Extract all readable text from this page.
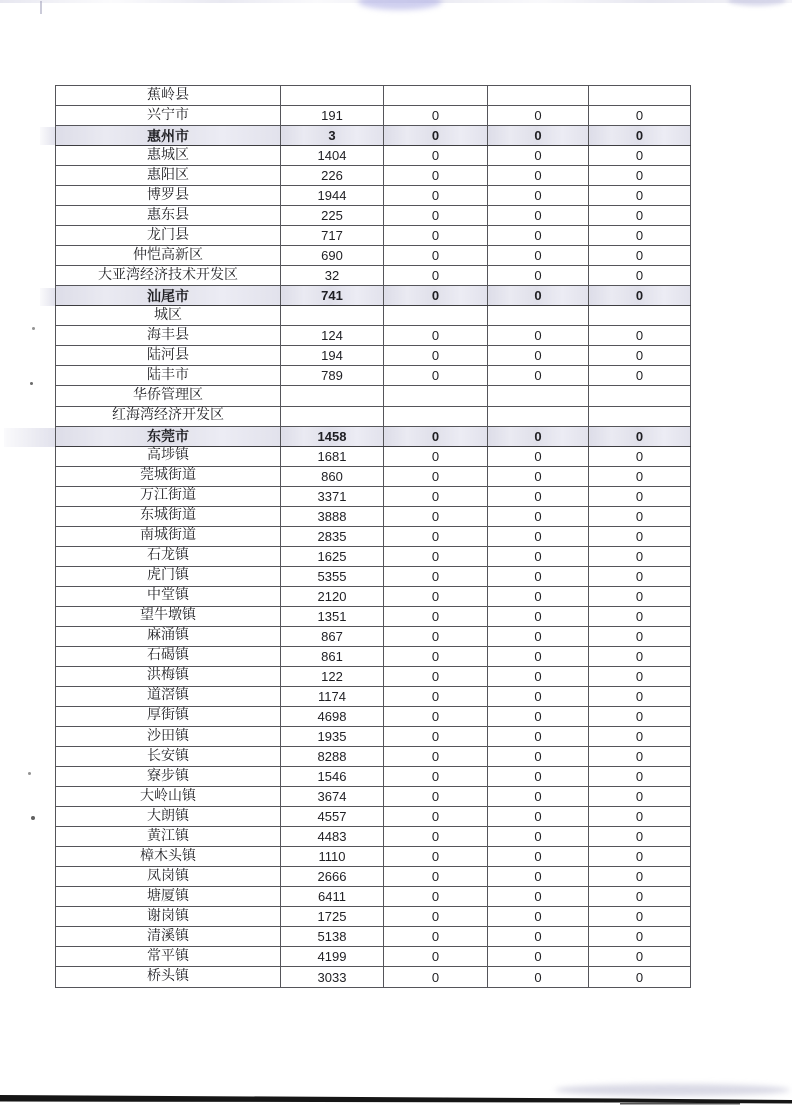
蕉岭县				
兴宁市	191	0	0	0
惠州市	3	0	0	0
惠城区	1404	0	0	0
惠阳区	226	0	0	0
博罗县	1944	0	0	0
惠东县	225	0	0	0
龙门县	717	0	0	0
仲恺高新区	690	0	0	0
大亚湾经济技术开发区	32	0	0	0
汕尾市	741	0	0	0
城区				
海丰县	124	0	0	0
陆河县	194	0	0	0
陆丰市	789	0	0	0
华侨管理区				
红海湾经济开发区				
东莞市	1458	0	0	0
高埗镇	1681	0	0	0
莞城街道	860	0	0	0
万江街道	3371	0	0	0
东城街道	3888	0	0	0
南城街道	2835	0	0	0
石龙镇	1625	0	0	0
虎门镇	5355	0	0	0
中堂镇	2120	0	0	0
望牛墩镇	1351	0	0	0
麻涌镇	867	0	0	0
石碣镇	861	0	0	0
洪梅镇	122	0	0	0
道滘镇	1174	0	0	0
厚街镇	4698	0	0	0
沙田镇	1935	0	0	0
长安镇	8288	0	0	0
寮步镇	1546	0	0	0
大岭山镇	3674	0	0	0
大朗镇	4557	0	0	0
黄江镇	4483	0	0	0
樟木头镇	1110	0	0	0
凤岗镇	2666	0	0	0
塘厦镇	6411	0	0	0
谢岗镇	1725	0	0	0
清溪镇	5138	0	0	0
常平镇	4199	0	0	0
桥头镇	3033	0	0	0
